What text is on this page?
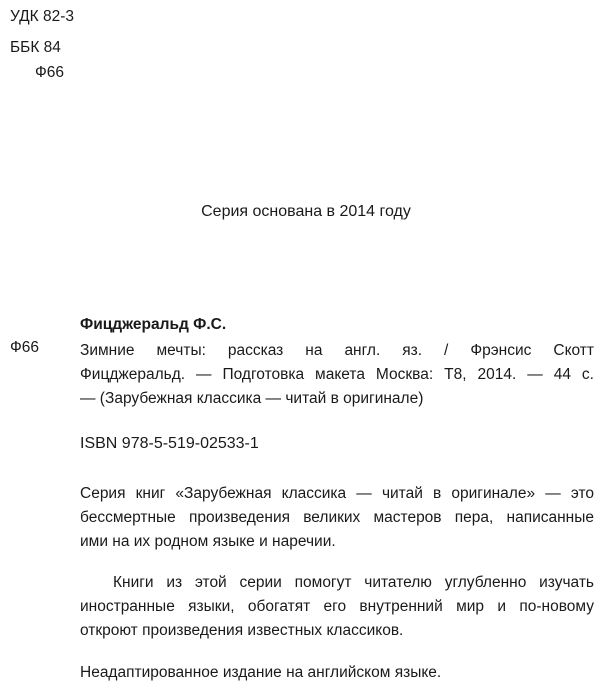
УДК 82-3
ББК 84
Ф66
Серия основана в 2014 году
Фицджеральд Ф.С.
Ф66	Зимние мечты: рассказ на англ. яз. / Фрэнсис Скотт
Фицджеральд. — Подготовка макета Москва: Т8, 2014. — 44 с.
— (Зарубежная классика — читай в оригинале)
ISBN 978-5-519-02533-1
Серия книг «Зарубежная классика — читай в оригинале» — это
бессмертные произведения великих мастеров пера, написанные
ими на их родном языке и наречии.
Книги из этой серии помогут читателю углубленно изучать
иностранные языки, обогатят его внутренний мир и по-новому
откроют произведения известных классиков.
Неадаптированное издание на английском языке.
